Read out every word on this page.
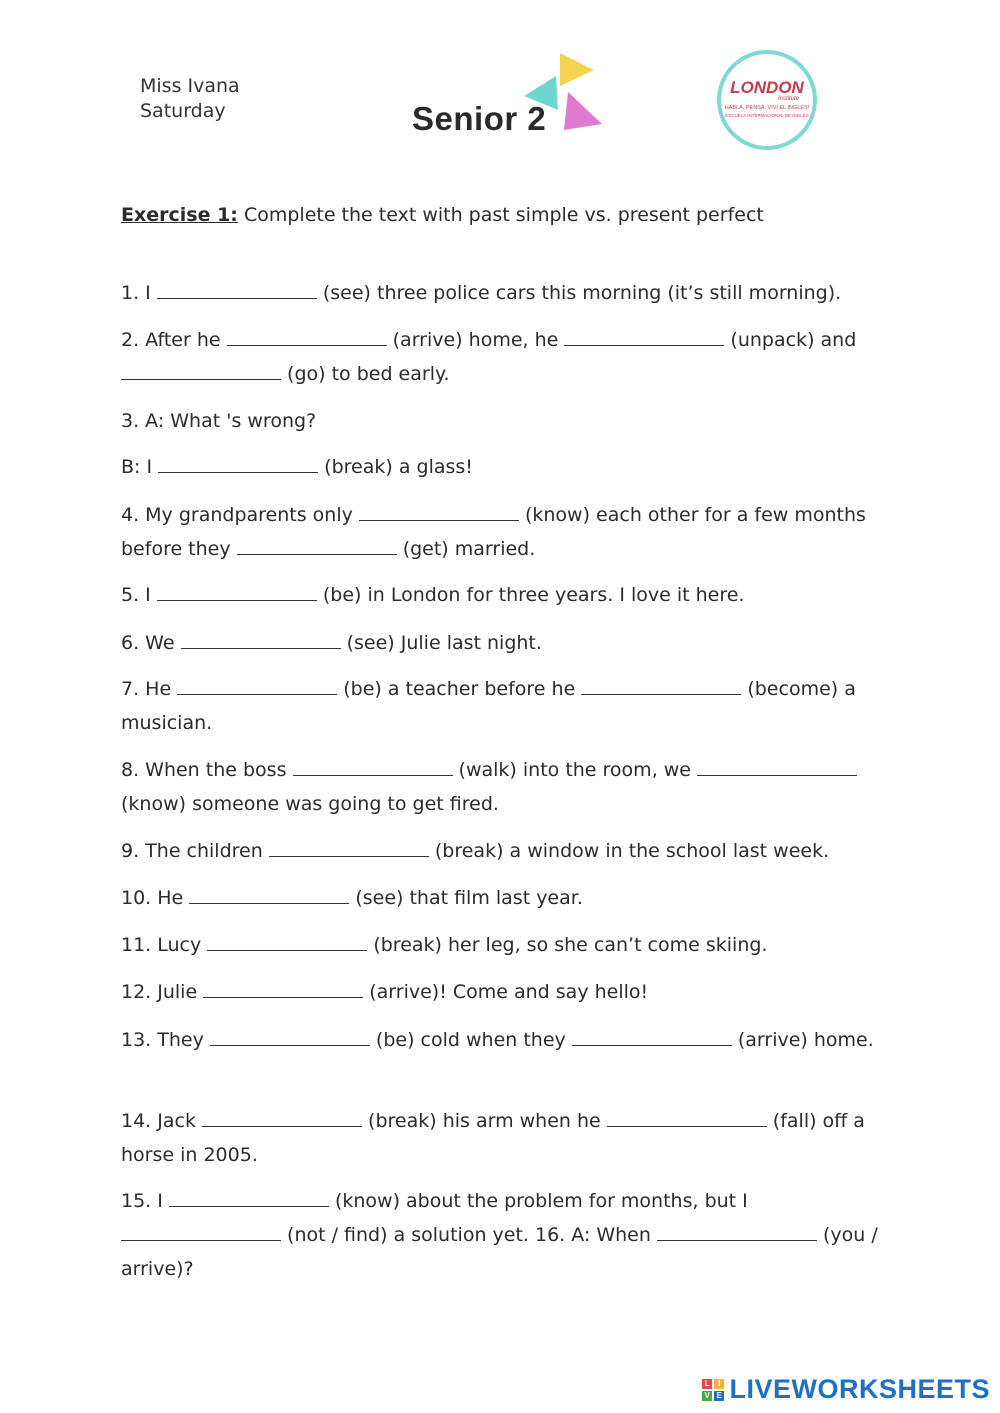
Miss Ivana
Saturday	Senior 2
LONDON
Institute
HABLÁ, PENSÁ, VIVÍ EL INGLÉS!
ESCUELA INTERNACIONAL DE INGLÉS
Exercise 1: Complete the text with past simple vs. present perfect
1. I	(see) three police cars this morning (it’s still morning).
2. After he	(arrive) home, he	(unpack) and  (go) to bed early.
3. A: What 's wrong?
B: I	(break) a glass!
4. My grandparents only	(know) each other for a few months before they	(get) married.
5. I	(be) in London for three years. I love it here.
6. We	(see) Julie last night.
7. He	(be) a teacher before he	(become) a musician.
8. When the boss	(walk) into the room, we  (know) someone was going to get fired.
9. The children	(break) a window in the school last week.
10. He	(see) that film last year.
11. Lucy	(break) her leg, so she can’t come skiing.
12. Julie	(arrive)! Come and say hello!
13. They	(be) cold when they	(arrive) home.
14. Jack	(break) his arm when he	(fall) off a horse in 2005.
15. I	(know) about the problem for months, but I  (not / find) a solution yet. 16. A: When	(you / arrive)?
L I
V E LIVEWORKSHEETS
